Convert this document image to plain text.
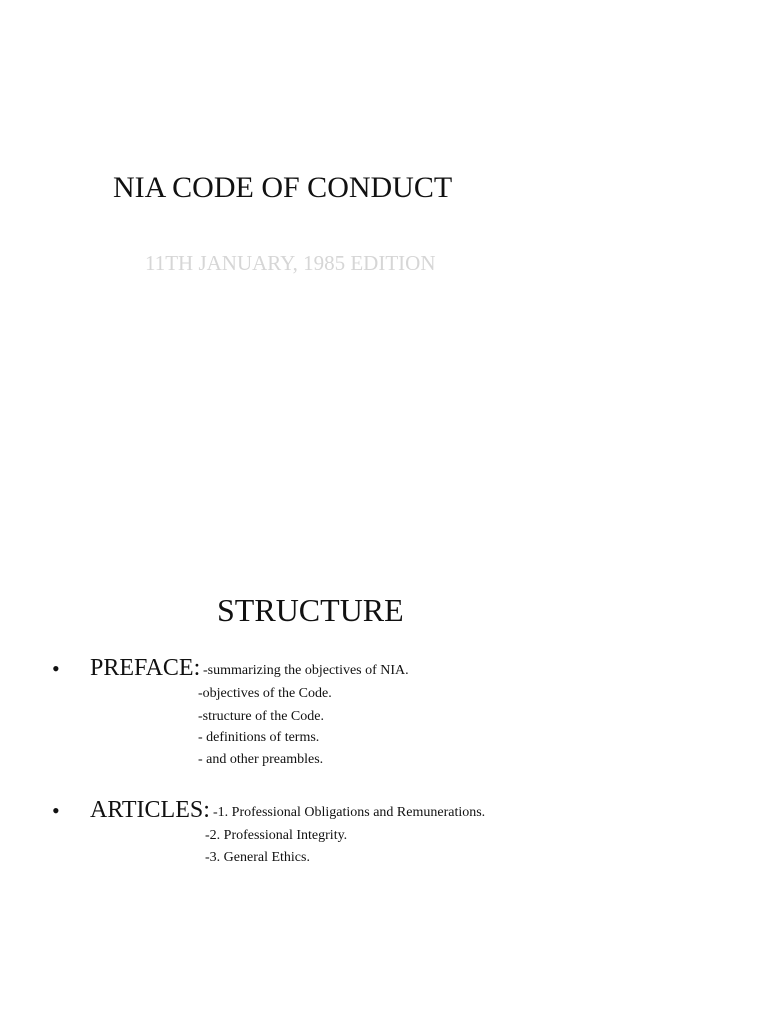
NIA CODE OF CONDUCT
11TH JANUARY, 1985 EDITION
STRUCTURE
• PREFACE: -summarizing the objectives of NIA.
-objectives of the Code.
-structure of the Code.
- definitions of terms.
- and other preambles.
• ARTICLES: -1. Professional Obligations and Remunerations.
-2. Professional Integrity.
-3. General Ethics.
